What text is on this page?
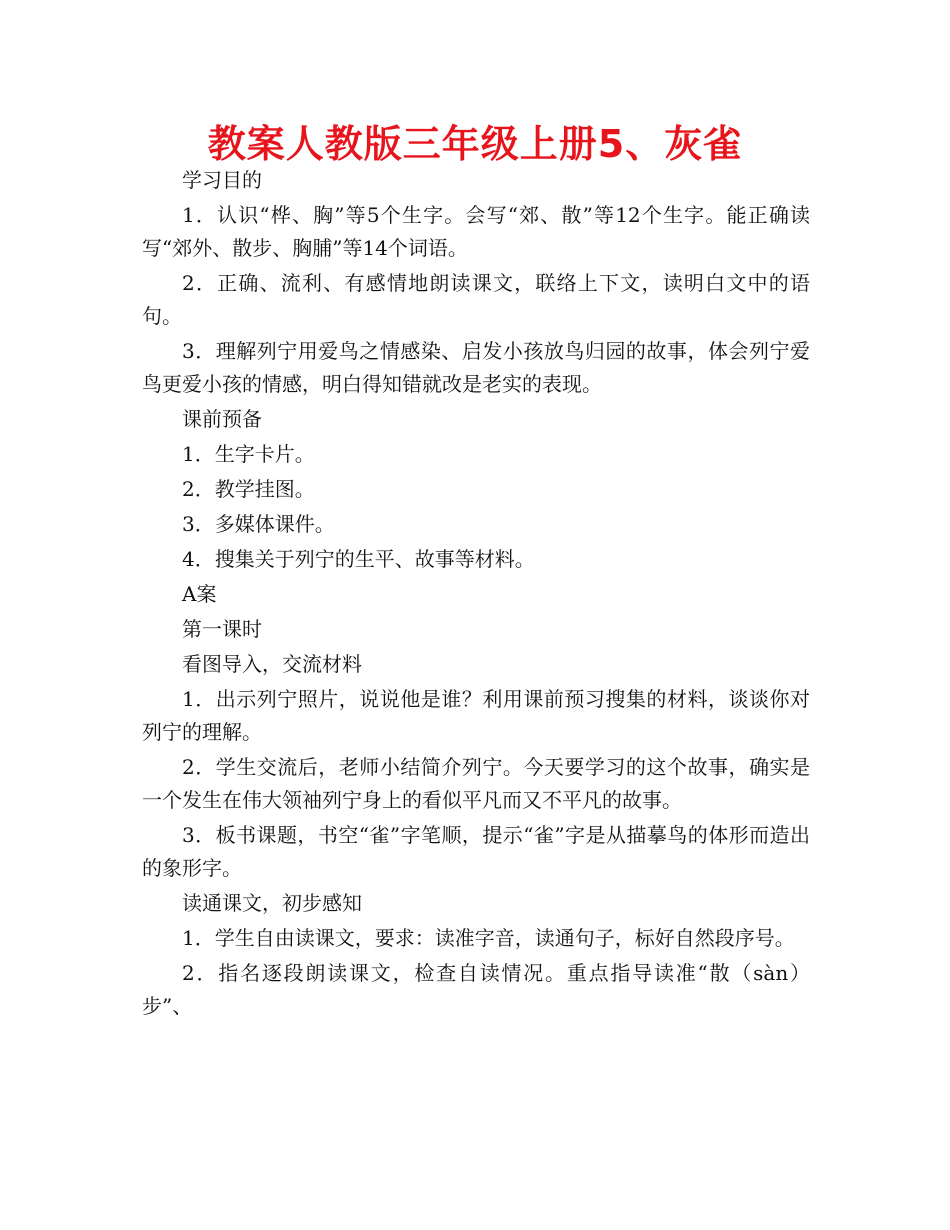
教案人教版三年级上册5、灰雀

学习目的

1．认识“桦、胸”等5个生字。会写“郊、散”等12个生字。能正确读写“郊外、散步、胸脯”等14个词语。

2．正确、流利、有感情地朗读课文，联络上下文，读明白文中的语句。

3．理解列宁用爱鸟之情感染、启发小孩放鸟归园的故事，体会列宁爱鸟更爱小孩的情感，明白得知错就改是老实的表现。

课前预备

1．生字卡片。

2．教学挂图。

3．多媒体课件。

4．搜集关于列宁的生平、故事等材料。

A案

第一课时

看图导入，交流材料

1．出示列宁照片，说说他是谁？利用课前预习搜集的材料，谈谈你对列宁的理解。

2．学生交流后，老师小结简介列宁。今天要学习的这个故事，确实是一个发生在伟大领袖列宁身上的看似平凡而又不平凡的故事。

3．板书课题，书空“雀”字笔顺，提示“雀”字是从描摹鸟的体形而造出的象形字。

读通课文，初步感知

1．学生自由读课文，要求：读准字音，读通句子，标好自然段序号。

2．指名逐段朗读课文，检查自读情况。重点指导读准“散（sàn）步”、
